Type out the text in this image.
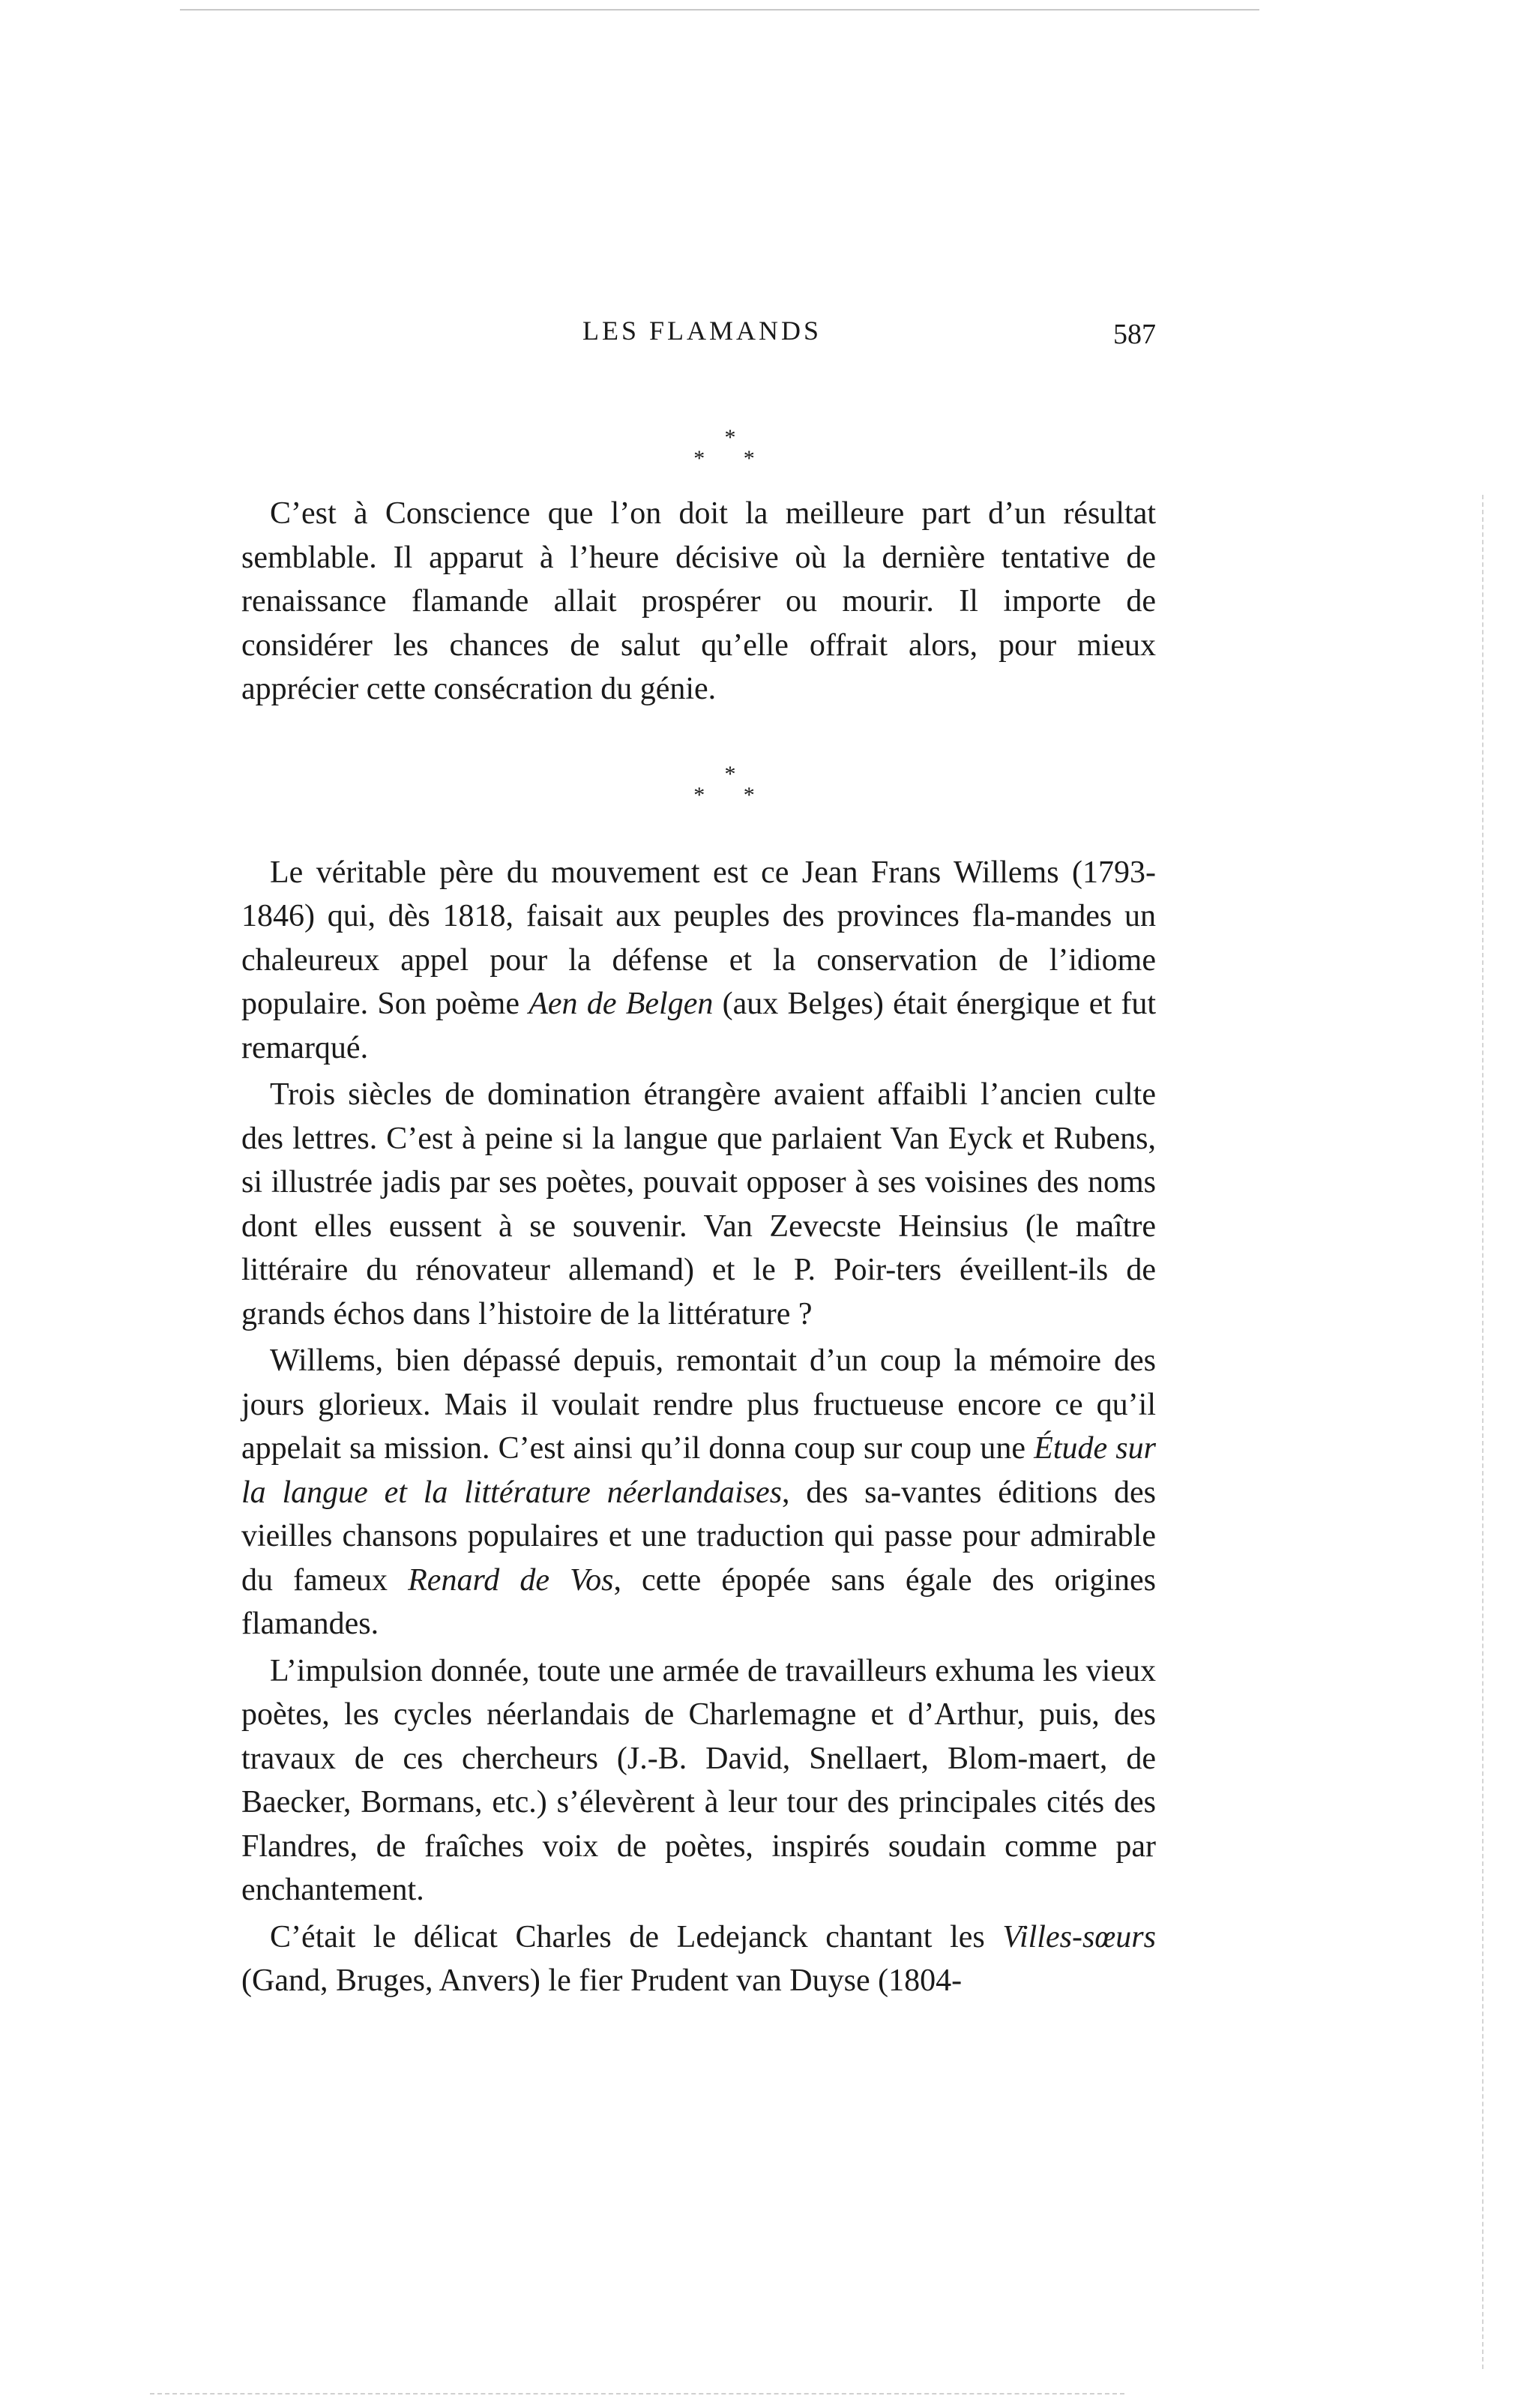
LES FLAMANDS	587
*
* *

C’est à Conscience que l’on doit la meilleure part d’un résultat semblable. Il apparut à l’heure décisive où la dernière tentative de renaissance flamande allait prospérer ou mourir. Il importe de considérer les chances de salut qu’elle offrait alors, pour mieux apprécier cette consécration du génie.

*
* *

Le véritable père du mouvement est ce Jean Frans Willems (1793-1846) qui, dès 1818, faisait aux peuples des provinces fla-mandes un chaleureux appel pour la défense et la conservation de l’idiome populaire. Son poème Aen de Belgen (aux Belges) était énergique et fut remarqué.

Trois siècles de domination étrangère avaient affaibli l’ancien culte des lettres. C’est à peine si la langue que parlaient Van Eyck et Rubens, si illustrée jadis par ses poètes, pouvait opposer à ses voisines des noms dont elles eussent à se souvenir. Van Zevecste Heinsius (le maître littéraire du rénovateur allemand) et le P. Poir-ters éveillent-ils de grands échos dans l’histoire de la littérature ?

Willems, bien dépassé depuis, remontait d’un coup la mémoire des jours glorieux. Mais il voulait rendre plus fructueuse encore ce qu’il appelait sa mission. C’est ainsi qu’il donna coup sur coup une Étude sur la langue et la littérature néerlandaises, des sa-vantes éditions des vieilles chansons populaires et une traduction qui passe pour admirable du fameux Renard de Vos, cette épopée sans égale des origines flamandes.

L’impulsion donnée, toute une armée de travailleurs exhuma les vieux poètes, les cycles néerlandais de Charlemagne et d’Arthur, puis, des travaux de ces chercheurs (J.-B. David, Snellaert, Blom-maert, de Baecker, Bormans, etc.) s’élevèrent à leur tour des principales cités des Flandres, de fraîches voix de poètes, inspirés soudain comme par enchantement.

C’était le délicat Charles de Ledejanck chantant les Villes-sœurs (Gand, Bruges, Anvers) le fier Prudent van Duyse (1804-
